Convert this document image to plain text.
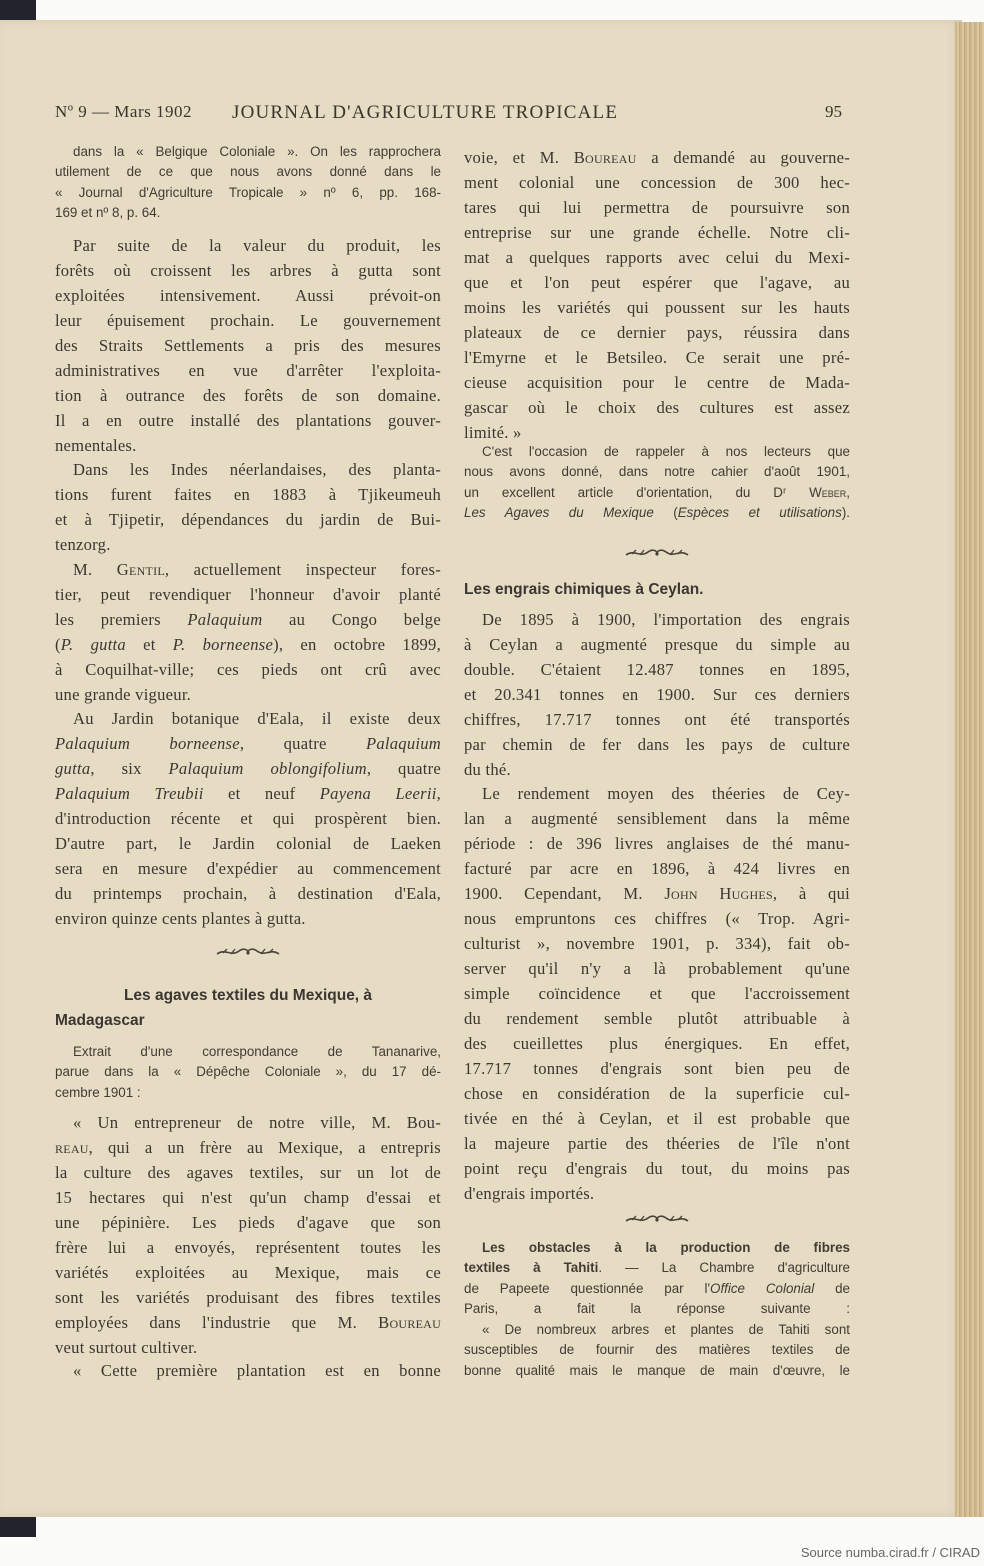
Nº 9 — Mars 1902 JOURNAL D'AGRICULTURE TROPICALE	95
dans la « Belgique Coloniale ». On les rapprochera
utilement de ce que nous avons donné dans le
« Journal d'Agriculture Tropicale » nº 6, pp. 168-
169 et nº 8, p. 64.
Par suite de la valeur du produit, les
forêts où croissent les arbres à gutta sont
exploitées intensivement. Aussi prévoit-on
leur épuisement prochain. Le gouvernement
des Straits Settlements a pris des mesures
administratives en vue d'arrêter l'exploita-
tion à outrance des forêts de son domaine.
Il a en outre installé des plantations gouver-
nementales.
Dans les Indes néerlandaises, des planta-
tions furent faites en 1883 à Tjikeumeuh
et à Tjipetir, dépendances du jardin de Bui-
tenzorg.
M. Gentil, actuellement inspecteur fores-
tier, peut revendiquer l'honneur d'avoir planté
les premiers Palaquium au Congo belge
(P. gutta et P. borneense), en octobre 1899,
à Coquilhat-ville; ces pieds ont crû avec
une grande vigueur.
Au Jardin botanique d'Eala, il existe deux
Palaquium borneense, quatre Palaquium
gutta, six Palaquium oblongifolium, quatre
Palaquium Treubii et neuf Payena Leerii,
d'introduction récente et qui prospèrent bien.
D'autre part, le Jardin colonial de Laeken
sera en mesure d'expédier au commencement
du printemps prochain, à destination d'Eala,
environ quinze cents plantes à gutta.
Les agaves textiles du Mexique, à
Madagascar
Extrait d'une correspondance de Tananarive,
parue dans la « Dépêche Coloniale », du 17 dé-
cembre 1901 :
« Un entrepreneur de notre ville, M. Bou-
reau, qui a un frère au Mexique, a entrepris
la culture des agaves textiles, sur un lot de
15 hectares qui n'est qu'un champ d'essai et
une pépinière. Les pieds d'agave que son
frère lui a envoyés, représentent toutes les
variétés exploitées au Mexique, mais ce
sont les variétés produisant des fibres textiles
employées dans l'industrie que M. Boureau
veut surtout cultiver.
« Cette première plantation est en bonne
voie, et M. Boureau a demandé au gouverne-
ment colonial une concession de 300 hec-
tares qui lui permettra de poursuivre son
entreprise sur une grande échelle. Notre cli-
mat a quelques rapports avec celui du Mexi-
que et l'on peut espérer que l'agave, au
moins les variétés qui poussent sur les hauts
plateaux de ce dernier pays, réussira dans
l'Emyrne et le Betsileo. Ce serait une pré-
cieuse acquisition pour le centre de Mada-
gascar où le choix des cultures est assez
limité. »
C'est l'occasion de rappeler à nos lecteurs que
nous avons donné, dans notre cahier d'août 1901,
un excellent article d'orientation, du Dʳ Weber,
Les Agaves du Mexique (Espèces et utilisations).
Les engrais chimiques à Ceylan.
De 1895 à 1900, l'importation des engrais
à Ceylan a augmenté presque du simple au
double. C'étaient 12.487 tonnes en 1895,
et 20.341 tonnes en 1900. Sur ces derniers
chiffres, 17.717 tonnes ont été transportés
par chemin de fer dans les pays de culture
du thé.
Le rendement moyen des théeries de Cey-
lan a augmenté sensiblement dans la même
période : de 396 livres anglaises de thé manu-
facturé par acre en 1896, à 424 livres en
1900. Cependant, M. John Hughes, à qui
nous empruntons ces chiffres (« Trop. Agri-
culturist », novembre 1901, p. 334), fait ob-
server qu'il n'y a là probablement qu'une
simple coïncidence et que l'accroissement
du rendement semble plutôt attribuable à
des cueillettes plus énergiques. En effet,
17.717 tonnes d'engrais sont bien peu de
chose en considération de la superficie cul-
tivée en thé à Ceylan, et il est probable que
la majeure partie des théeries de l'île n'ont
point reçu d'engrais du tout, du moins pas
d'engrais importés.
Les obstacles à la production de fibres
textiles à Tahiti. — La Chambre d'agriculture
de Papeete questionnée par l'Office Colonial de
Paris, a fait la réponse suivante :
« De nombreux arbres et plantes de Tahiti sont
susceptibles de fournir des matières textiles de
bonne qualité mais le manque de main d'œuvre, le
Source numba.cirad.fr / CIRAD
